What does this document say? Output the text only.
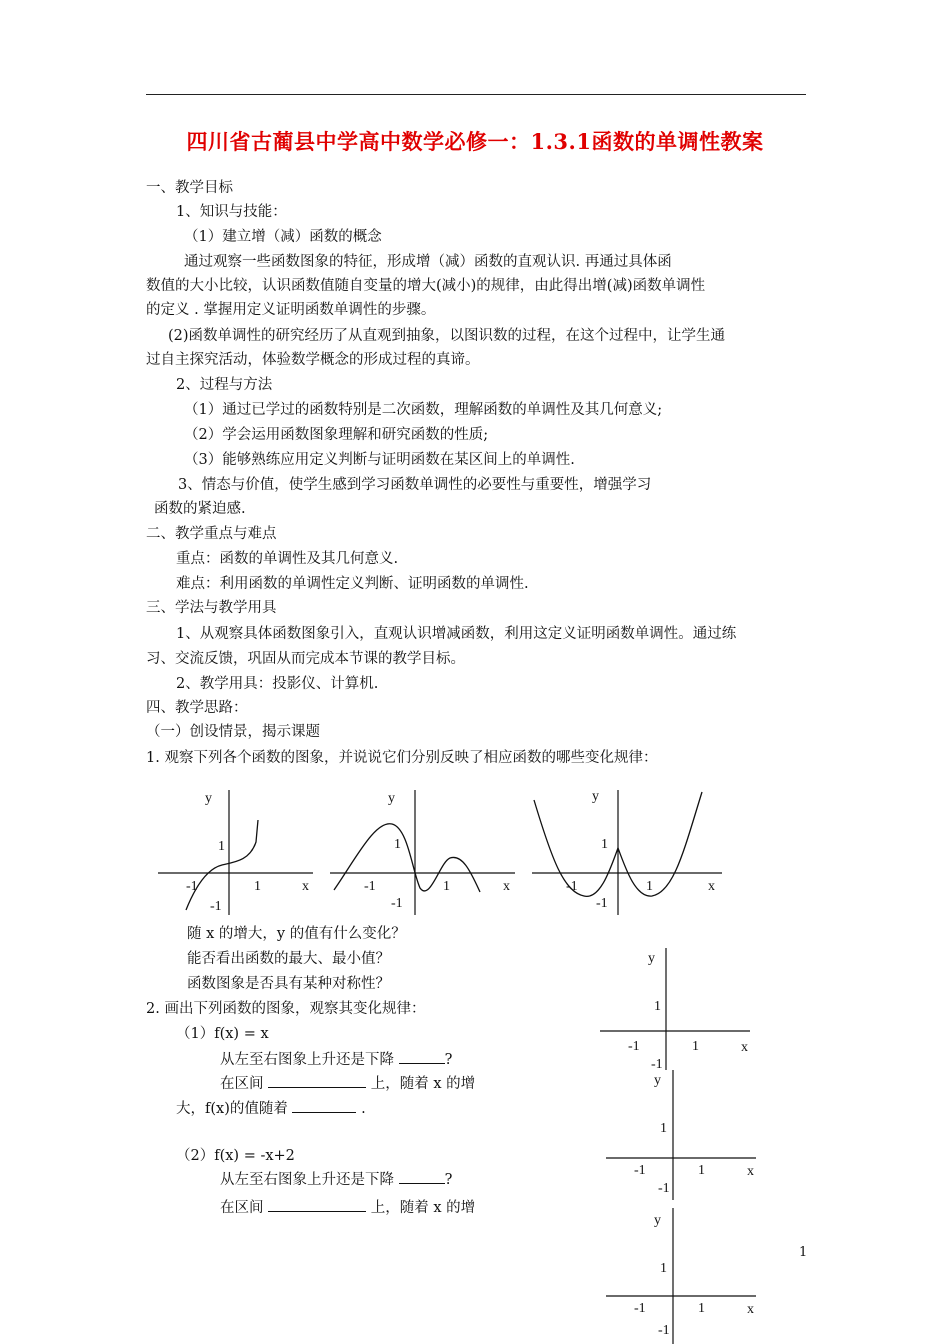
四川省古蔺县中学高中数学必修一：1.3.1函数的单调性教案
一、教学目标
1、知识与技能：
（1）建立增（减）函数的概念
通过观察一些函数图象的特征，形成增（减）函数的直观认识. 再通过具体函
数值的大小比较，认识函数值随自变量的增大(减小)的规律，由此得出增(减)函数单调性
的定义 . 掌握用定义证明函数单调性的步骤。
(2)函数单调性的研究经历了从直观到抽象，以图识数的过程，在这个过程中，让学生通
过自主探究活动，体验数学概念的形成过程的真谛。
2、过程与方法
（1）通过已学过的函数特别是二次函数，理解函数的单调性及其几何意义;
（2）学会运用函数图象理解和研究函数的性质;
（3）能够熟练应用定义判断与证明函数在某区间上的单调性.
3、情态与价值，使学生感到学习函数单调性的必要性与重要性，增强学习
函数的紧迫感.
二、教学重点与难点
重点：函数的单调性及其几何意义.
难点：利用函数的单调性定义判断、证明函数的单调性.
三、学法与教学用具
1、从观察具体函数图象引入，直观认识增减函数，利用这定义证明函数单调性。通过练
习、交流反馈，巩固从而完成本节课的教学目标。
2、教学用具：投影仪、计算机.
四、教学思路：
（一）创设情景，揭示课题
1. 观察下列各个函数的图象，并说说它们分别反映了相应函数的哪些变化规律：
y
1
-1	1	x
-1
y
1
-1	1	x
-1
y
1
-1	1	x
-1
随 x 的增大，y 的值有什么变化？
能否看出函数的最大、最小值？
函数图象是否具有某种对称性？
2. 画出下列函数的图象，观察其变化规律：
（1）f(x) = x
从左至右图象上升还是下降	?
在区间	上，随着 x 的增
大，f(x)的值随着	.
（2）f(x) = -x+2
从左至右图象上升还是下降	?
在区间	上，随着 x 的增
y
1
-1	1	x
-1
y
1
-1	1	x
-1
y
1
-1	1	x
-1
1
